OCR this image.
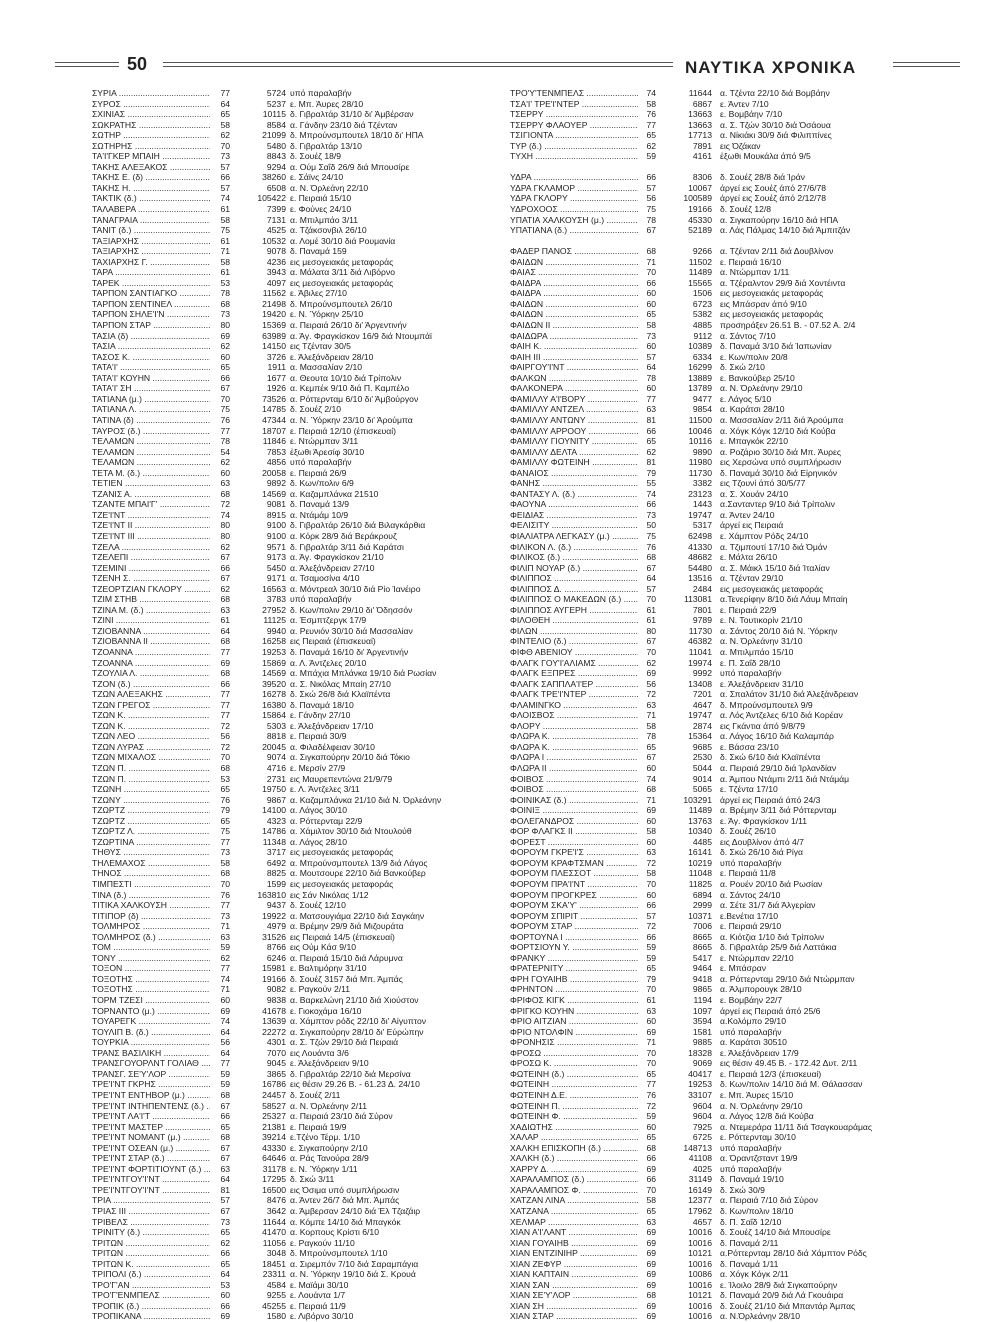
50	ΝΑΥΤΙΚΑ ΧΡΟΝΙΚΑ
ΣΥΡΙΑ .....	77	5724 υπό παραλαβήν
ΣΥΡΟΣ .....	64	5237 ε. Μπ. Άυρες 28/10
ΣΧΙΝΙΑΣ .....	65	10115 δ. Γιβραλτάρ 31/10 δι' Άμβέρσαν
ΣΩΚΡΑΤΗΣ .....	58	8584 α. Γάνδην 23/10 διά Τζένταν
ΣΩΤΗΡ .....	62	21099 δ. Μπρούνσμπουτελ 18/10 δι' ΗΠΑ
ΣΩΤΗΡΗΣ .....	70	5480 δ. Γιβραλτάρ 13/10
ΤΑ'Ι'ΓΚΕΡ ΜΠΑΙΗ .....	73	8843 δ. Σουέζ 18/9
ΤΑΚΗΣ ΑΛΕΞΑΚΟΣ .....	57	9294 α. Ούμ Σαΐδ 26/9 διά Μπουσίρε
ΤΑΚΗΣ Ε. (δ) .....	66	38260 ε. Σάϊνς 24/10
ΤΑΚΗΣ Η. .....	57	6508 α. Ν. Όρλεάνη 22/10
ΤΑΚΤΙΚ (δ.) .....	74	105422 ε. Πειραιά 15/10
ΤΑΛΑΒΕΡΑ .....	61	7399 ε. Φούνες 24/10
ΤΑΝΑΓΡΑΙΑ .....	58	7131 α. Μπιλμπάο 3/11
ΤΑΝΙΤ (δ.) .....	75	4525 α. Τζάκσονβιλ 26/10
ΤΑΞΙΑΡΧΗΣ .....	61	10532 α. Λομέ 30/10 διά Ρουμανία
ΤΑΞΙΑΡΧΗΣ .....	71	9078 δ. Παναμά 159
ΤΑΧΙΑΡΧΗΣ Γ. .....	58	4236 εις μεσογειακάς μεταφοράς
ΤΑΡΑ .....	61	3943 α. Μάλατα 3/11 διά Λιβόρνο
ΤΑΡΕΚ .....	53	4097 εις μεσογειακάς μεταφοράς
ΤΑΡΠΟΝ ΣΑΝΤΙΑΓΚΟ .....	78	11562 ε. Άβιλες 27/10
ΤΑΡΠΟΝ ΣΕΝΤΙΝΕΛ .....	68	21498 δ. Μπρούνσμπουτελ 26/10
ΤΑΡΠΟΝ ΣΗΛΕ'Ι'Ν .....	73	19420 ε. Ν. Ύόρκην 25/10
ΤΑΡΠΟΝ ΣΤΑΡ .....	80	15369 α. Πειραιά 26/10 δι' Άργεντινήν
ΤΑΣΙΑ (δ) .....	69	63989 α. Άγ. Φραγκίσκον 16/9 διά Ντουμπάϊ
ΤΑΣΙΑ .....	62	14150 εις Τζένταν 30/5
ΤΑΣΟΣ Κ. .....	60	3726 ε. Άλεξάνδρειαν 28/10
ΤΑΤΑ'Ι' .....	65	1911 α. Μασσαλίαν 2/10
ΤΑΤΑ'Ι' ΚΟΥΗΝ .....	66	1677 α. Θεουτα 10/10 διά Τρίπολιν
ΤΑΤΑ'Ι' ΣΗ .....	67	1926 α. Κεμπέκ 9/10 διά Π. Καμπέλο
ΤΑΤΙΑΝΑ (μ.) .....	70	73526 α. Ρόττερνταμ 6/10 δι' Άμβούργον
ΤΑΤΙΑΝΑ Λ. .....	75	14785 δ. Σουέζ 2/10
ΤΑΤΙΝΑ (δ) .....	76	47344 α. Ν. Ύόρκην 23/10 δι' Άρούμπα
ΤΑΥΡΟΣ (δ.) .....	77	18707 ε. Πειραιά 12/10 (έπισκευαί)
ΤΕΛΑΜΩΝ .....	78	11846 ε. Ντώρμπαν 3/11
ΤΕΛΑΜΩΝ .....	54	7853 ἐξωθι Άρεσίφ 30/10
ΤΕΛΑΜΩΝ .....	62	4856 υπό παραλαβήν
ΤΕΤΑ Μ. (δ.) .....	60	20058 ε. Πειραιά 26/9
ΤΕΤΙΕΝ .....	63	9892 δ. Κων/πολιν 6/9
ΤΖΑΝΙΣ Α. .....	68	14569 α. Καζαμπλάνκα 21510
ΤΖΑΝΤΕ ΜΠΑΙ'Γ' .....	72	9081 δ. Παναμά 13/9
ΤΖΕ'Ι'ΝΤ .....	74	8915 α. Ντάμάμ 10/9
ΤΖΕ'Ι'ΝΤ ΙΙ .....	80	9100 δ. Γιβραλτάρ 26/10 διά Βιλαγκάρθια
ΤΖΕ'Ι'ΝΤ ΙΙΙ .....	80	9100 α. Κόρκ 28/9 διά Βεράκρουζ
ΤΖΕΛΑ .....	62	9571 δ. Γιβραλτάρ 3/11 διά Καράτσι
ΤΖΕΛΕΠΙ .....	67	9173 α. Άγ. Φραγκίσκον 21/10
ΤΖΕΜΙΝΙ .....	66	5450 α. Άλεξάνδρειαν 27/10
ΤΖΕΝΗ Σ. .....	67	9171 α. Τσαμοσίνα 4/10
ΤΖΕΟΡΤΖΙΑΝ ΓΚΛΟΡΥ .....	62	16563 α. Μόντρεαλ 30/10 διά Ρίο Ίανέιρο
ΤΖΙΜ ΣΤΗΒ .....	68	3783 υπό παραλαβήν
ΤΖΙΝΑ Μ. (δ.) .....	63	27952 δ. Κων/πολιν 29/10 δι' Όδησσόν
ΤΖΙΝΙ .....	61	11125 α. Έσμπτζεργκ 17/9
ΤΖΙΟΒΑΝΝΑ .....	64	9940 α. Ρευνιόν 30/10 διά Μασσαλίαν
ΤΖΙΟΒΑΝΝΑ ΙΙ .....	68	16258 εις Πειραιά (έπισκευαί)
ΤΖΟΑΝΝΑ .....	77	19253 δ. Παναμά 16/10 δι' Άργεντινήν
ΤΖΟΑΝΝΑ .....	69	15869 α. Λ. Άντζελες 20/10
ΤΖΟΥΛΙΑ Λ. .....	68	14569 α. Μπάχια Μπλάνκα 19/10 διά Ρωσίαν
ΤΖΟΝ (δ.) .....	66	39520 α. Σ. Νικόλας Μπαίη 27/10
ΤΖΩΝ ΑΛΕΞΑΚΗΣ .....	77	16278 δ. Σκώ 26/8 διά Κλαϊπέντα
ΤΖΩΝ ΓΡΕΓΟΣ .....	77	16380 δ. Παναμά 18/10
ΤΖΩΝ Κ. .....	77	15864 ε. Γάνδην 27/10
ΤΖΩΝ Κ. .....	72	5303 ε. Άλεξάνδρειαν 17/10
ΤΖΩΝ ΛΕΟ .....	56	8818 ε. Πειραιά 30/9
ΤΖΩΝ ΛΥΡΑΣ .....	72	20045 α. Φιλαδέλφειαν 30/10
ΤΖΩΝ ΜΙΧΑΛΟΣ .....	70	9074 α. Σιγκαπούρην 20/10 διά Τόκιο
ΤΖΩΝ Π. .....	68	4716 ε. Μερσίν 27/9
ΤΖΩΝ Π. .....	53	2731 εις Μαυρεπεντώνα 21/9/79
ΤΖΩΝΗ .....	65	19750 ε. Λ. Άντζελες 3/11
ΤΖΩΝΥ .....	76	9867 α. Καζαμπλάνκα 21/10 διά Ν. Όρλεάνην
ΤΖΩΡΤΖ .....	79	14100 α. Λάγος 30/10
ΤΖΩΡΤΖ .....	65	4323 α. Ρόττερνταμ 22/9
ΤΖΩΡΤΖ Λ. .....	75	14786 α. Χάμιλτον 30/10 διά Ντουλούθ
ΤΖΩΡΤΙΝΑ .....	77	11348 α. Λάγος 28/10
ΤΗΘΥΣ .....	73	3717 εις μεσογειακάς μεταφοράς
ΤΗΛΕΜΑΧΟΣ .....	58	6492 α. Μπρούνσμπουτελ 13/9 διά Λάγος
ΤΗΝΟΣ .....	68	8825 α. Μουτσουρε 22/10 διά Βανκούβερ
ΤΙΜΠΕΣΤΙ .....	70	1599 εις μεσογειακάς μεταφοράς
ΤΙΝΑ (δ.) .....	76	163810 εις Σάν Νικόλας 1/12
ΤΙΤΙΚΑ ΧΑΛΚΟΥΣΗ .....	77	9437 δ. Σουέζ 12/10
ΤΙΤΙΠΟΡ (δ) .....	73	19922 α. Ματσουγιάμα 22/10 διά Σαγκάην
ΤΟΛΜΗΡΟΣ .....	71	4979 α. Βρέμην 29/9 διά Μιζουράτα
ΤΟΛΜΗΡΟΣ (δ.) .....	63	31526 εις Πειραιά 14/5 (έπισκευαί)
ΤΟΜ .....	59	8766 εις Ούμ Κάσ 9/10
ΤΟΝΥ .....	62	6246 α. Πειραιά 15/10 διά Λάρυμνα
ΤΟΞΟΝ .....	77	15981 ε. Βαλτιμόρην 31/10
ΤΟΞΟΤΗΣ .....	74	19166 δ. Σουέζ 3157 διά Μπ. Άμπάς
ΤΟΞΟΤΗΣ .....	71	9082 ε. Ραγκούν 2/11
ΤΟΡΜ ΤΖΕΣΙ .....	60	9838 α. Βαρκελώνη 21/10 διά Χιούστον
ΤΟΡΝΑΝΤΟ (μ.) .....	69	41678 ε. Γιοκοχάμα 16/10
ΤΟΥΑΡΕΓΚ .....	74	13639 α. Χάμπτον ρόδς 22/10 δι' Αίγυπτον
ΤΟΥΛΙΠ Β. (δ.) .....	64	22272 α. Σιγκαπούρην 28/10 δι' Εύρώπην
ΤΟΥΡΚΙΑ .....	56	4301 α. Σ. Τζών 29/10 διά Πειραιά
ΤΡΑΝΣ ΒΑΣΙΛΙΚΗ .....	64	7070 εις Λουάντα 3/6
ΤΡΑΝΣΓΟΥΟΡΛΝΤ ΓΟΛΙΑΘ .....	77	9045 ε. Άλεξάνδρειαν 9/10
ΤΡΑΝΣΓ. ΣΕ'Υ'ΛΟΡ .....	59	3865 δ. Γιβραλτάρ 22/10 διά Μερσίνα
ΤΡΕ'Ι'ΝΤ ΓΚΡΗΣ .....	59	16786 εις θέσιν 29.26 Β. - 61.23 Δ. 24/10
ΤΡΕ'Ι'ΝΤ ΕΝΤΗΒΟΡ (μ.) .....	68	24457 δ. Σουέζ 2/11
ΤΡΕ'Ι'ΝΤ ΙΝΤΗΠΕΝΤΕΝΣ (δ.) .....	67	58527 α. Ν. Όρλεάνην 2/11
ΤΡΕ'Ι'ΝΤ ΛΑ'Ι'Τ .....	66	25327 α. Πειραιά 23/10 διά Σύρον
ΤΡΕ'Ι'ΝΤ ΜΑΣΤΕΡ .....	65	21381 ε. Πειραιά 19/9
ΤΡΕ'Ι'ΝΤ ΝΟΜΑΝΤ (μ.) .....	68	39214 ε.Τζένο Τέρμ. 1/10
ΤΡΕ'Ι'ΝΤ ΟΣΕΑΝ (μ.) .....	67	43330 ε. Σιγκαπούρην 2/10
ΤΡΕ'Ι'ΝΤ ΣΤΑΡ (δ.) .....	67	64646 α. Ράς Τανούρα 28/9
ΤΡΕ'Ι'ΝΤ ΦΟΡΤΙΤΙΟΥΝΤ (δ.) .....	63	31178 ε. Ν. Ύόρκην 1/11
ΤΡΕ'Ι'ΝΤΓΟΥ'Ι'ΝΤ .....	64	17295 δ. Σκώ 3/11
ΤΡΕ'Ι'ΝΤΓΟΥ'Ι'ΝΤ .....	81	16500 εις Όσιμα υπό συμπλήρωσιν
ΤΡΙΑ .....	57	8476 α. Άντεν 26/7 διά Μπ. Άμπάς
ΤΡΙΑΣ ΙΙΙ .....	67	3642 α. Άμβερσαν 24/10 διά Έλ Τζαζάιρ
ΤΡΙΒΕΛΣ .....	73	11644 α. Κόμπε 14/10 διά Μπαγκόκ
ΤΡΙΝΙΤΥ (δ.) .....	65	41470 α. Κορπους Κρίστι 6/10
ΤΡΙΤΩΝ .....	62	11056 ε. Ραγκούν 11/10
ΤΡΙΤΩΝ .....	66	3048 δ. Μπρούνσμπουτελ 1/10
ΤΡΙΤΩΝ Κ. .....	65	18451 α. Σιρεμπόν 7/10 διά Σαραμπάγια
ΤΡΙΠΟΛΙ (δ.) .....	64	23311 α. Ν. Ύόρκην 19/10 διά Σ. Κρουά
ΤΡΟ'Γ'ΑΝ .....	53	4584 ε. Μαϊάμι 30/10
ΤΡΟ'Γ'ΕΝΜΠΕΛΣ .....	60	9255 ε. Λουάντα 1/7
ΤΡΟΠΙΚ (δ.) .....	66	45255 ε. Πειραιά 11/9
ΤΡΟΠΙΚΑΝΑ .....	69	1580 ε. Λιβόρνο 30/10
ΤΡΟ'Υ'ΤΕΝΜΠΕΛΣ .....	74	11644 α. Τζέντα 22/10 διά Βομβάην
ΤΣΑ'Ι' ΤΡΕ'Ι'ΝΤΕΡ .....	58	6867 ε. Άντεν 7/10
ΤΣΕΡΡΥ .....	76	13663 ε. Βομβάην 7/10
ΤΣΕΡΡΥ ΦΛΑΟΥΕΡ .....	77	13663 α. Σ. Τζών 30/10 διά Όσάουα
ΤΣΙΓΙΟΝΤΑ .....	65	17713 α. Νίκιάκι 30/9 διά Φιλιππίνες
ΤΥΡ (δ.) .....	62	7891 εις Όζάκαν
ΤΥΧΗ .....	59	4161 ἐξωθι Μουκάλα άπό 9/5
ΥΔΡΑ .....	66	8306 δ. Σουέζ 28/8 διά Ίράν
ΥΔΡΑ ΓΚΛΑΜΟΡ .....	57	10067 άργεί εις Σουέζ άπό 27/6/78
ΥΔΡΑ ΓΚΛΟΡΥ .....	56	100589 άργεί εις Σουέζ άπό 2/12/78
ΥΔΡΟΧΟΟΣ .....	75	19166 δ. Σουέζ 12/8
ΥΠΑΤΙΑ ΧΑΛΚΟΥΣΗ (μ.) .....	78	45330 α. Σιγκαπούρην 16/10 διά ΗΠΑ
ΥΠΑΤΙΑΝΑ (δ.) .....	67	52189 α. Λάς Πάλμας 14/10 διά Άμπιτζάν
ΦΑΔΕΡ ΠΑΝΟΣ .....	68	9266 α. Τζένταν 2/11 διά Δουβλίνον
ΦΑΙΔΩΝ .....	71	11502 ε. Πειραιά 16/10
ΦΑΙΑΣ .....	70	11489 α. Ντώρμπαν 1/11
ΦΑΙΔΡΑ .....	66	15565 α. Τζέραλντον 29/9 διά Χοντέιντα
ΦΑΙΔΡΑ .....	60	1506 εις μεσογειακάς μεταφοράς
ΦΑΙΔΩΝ .....	60	6723 εις Μπάσραν άπό 9/10
ΦΑΙΔΩΝ .....	65	5382 εις μεσογειακάς μεταφοράς
ΦΑΙΔΩΝ ΙΙ .....	58	4885 προσηράξεν 26.51 Β. - 07.52 Α. 2/4
ΦΑΙΔΩΡΑ .....	73	9112 α. Σάντος 7/10
ΦΑΙΗ Κ. .....	60	10389 δ. Παναμά 3/10 διά Ίαπωνίαν
ΦΑΙΗ ΙΙΙ .....	57	6334 ε. Κων/πολιν 20/8
ΦΑΙΡΓΟΥ'Ι'ΝΤ .....	64	16299 δ. Σκώ 2/10
ΦΑΛΚΩΝ .....	78	13889 ε. Βανκούβερ 25/10
ΦΑΛΚΟΝΕΡΑ .....	60	13789 α. Ν. Όρλεάνην 29/10
ΦΑΜΙΛΛΥ Α'Ι'ΒΟΡΥ .....	77	9477 ε. Λάγος 5/10
ΦΑΜΙΛΛΥ ΑΝΤΖΕΛ .....	63	9854 α. Καράτσι 28/10
ΦΑΜΙΛΛΥ ΑΝΤΩΝΥ .....	81	11500 α. Μασσαλίαν 2/11 διά Άρούμπα
ΦΑΜΙΛΛΥ ΑΡΡΟΟΥ .....	66	10046 α. Χόγκ Κόγκ 12/10 διά Κούβα
ΦΑΜΙΛΛΥ ΓΙΟΥΝΙΤΥ .....	65	10116 ε. Μπαγκόκ 22/10
ΦΑΜΙΛΛΥ ΔΕΛΤΑ .....	62	9890 α. Ροζάριο 30/10 διά Μπ. Άυρες
ΦΑΜΙΛΛΥ ΦΩΤΕΙΝΗ .....	81	11980 εις Χερσώνα υπό συμπλήρωσιν
ΦΑΝΑΙΟΣ .....	79	11730 δ. Παναμά 30/10 διά Είρηνικόν
ΦΑΝΗΣ .....	55	3382 εις Τζουνί άπό 30/5/77
ΦΑΝΤΑΣΥ Λ. (δ.) .....	74	23123 α. Σ. Χουάν 24/10
ΦΑΟΥΝΑ .....	66	1443 α.Σανταντερ 9/10 διά Τρίπολιν
ΦΕΙΔΙΑΣ .....	73	19747 α. Άντεν 24/10
ΦΕΛΙΣΙΤΥ .....	50	5317 άργεί εις Πειραιά
ΦΙΑΛΙΑΤΡΑ ΛΕΓΚΑΣΥ (μ.) .....	75	62498 ε. Χάμπτον Ρόδς 24/10
ΦΙΛΙΚΟΝ Λ. (δ.) .....	76	41330 α. Τζιμπουτί 17/10 διά Όμάν
ΦΙΛΙΚΟΣ (δ.) .....	68	48682 ε. Μάλτα 26/10
ΦΙΛΙΠ ΝΟΥΑΡ (δ.) .....	67	54480 α. Σ. Μάικλ 15/10 διά Ίταλίαν
ΦΙΛΙΠΠΟΣ .....	64	13516 α. Τζένταν 29/10
ΦΙΛΙΠΠΟΣ Δ. .....	57	2484 εις μεσογειακάς μεταφοράς
ΦΙΛΙΠΠΟΣ Ο ΜΑΚΕΔΩΝ (δ.) .....	70	113081 α.Τενερίφην 8/10 διά Λάυμ Μπαίη
ΦΙΛΙΠΠΟΣ ΑΥΓΕΡΗ .....	61	7801 ε. Πειραιά 22/9
ΦΙΛΟΘΕΗ .....	61	9789 ε. Ν. Τουτικορίν 21/10
ΦΙΛΩΝ .....	80	11730 α. Σάντος 20/10 διά Ν. Ύόρκην
ΦΙΝΤΕΛΙΟ (δ.) .....	67	46382 α. Ν. Όρλεάνην 31/10
ΦΙΦΘ ΑΒΕΝΙΟΥ .....	70	11041 α. Μπιλμπάο 15/10
ΦΛΑΓΚ ΓΟΥ'Ι'ΑΛΙΑΜΣ .....	62	19974 ε. Π. Σαΐδ 28/10
ΦΛΑΓΚ ΕΞΠΡΕΣ .....	69	9992 υπό παραλαβήν
ΦΛΑΓΚ ΣΑΠΠΛΑ'Ι'ΕΡ .....	56	13408 ε. Άλεξάνδρειαν 31/10
ΦΛΑΓΚ ΤΡΕ'Ι'ΝΤΕΡ .....	72	7201 α. Σπαλάτον 31/10 διά Άλεξάνδρειαν
ΦΛΑΜΙΝΓΚΟ .....	63	4647 δ. Μπρούνσμπουτελ 9/9
ΦΛΟΙΣΒΟΣ .....	71	19747 α. Λός Άντζελες 6/10 διά Κορέαν
ΦΛΟΡΥ .....	58	2874 εις Γκάντια άπό 9/8/79
ΦΛΩΡΑ Κ. .....	78	15364 α. Λάγος 16/10 διά Καλαμπάρ
ΦΛΩΡΑ Κ. .....	65	9685 ε. Βάσσα 23/10
ΦΛΩΡΑ Ι .....	67	2530 δ. Σκώ 6/10 διά Κλαϊπέντα
ΦΛΩΡΑ ΙΙ .....	60	5044 α. Πειραιά 29/10 διά Ίρλανδίαν
ΦΟΙΒΟΣ .....	74	9014 α. Άμπου Ντάμπι 2/11 διά Ντάμάμ
ΦΟΙΒΟΣ .....	68	5065 ε. Τζέντα 17/10
ΦΟΙΝΙΚΑΣ (δ.) .....	71	103291 άργεί εις Πειραιά άπό 24/3
ΦΟΙΝΙΞ .....	69	11489 α. Βρέμην 3/11 διά Ρόττερνταμ
ΦΟΛΕΓΑΝΔΡΟΣ .....	60	13763 ε. Άγ. Φραγκίσκον 1/11
ΦΟΡ ΦΛΑΓΚΣ ΙΙ .....	58	10340 δ. Σουέζ 26/10
ΦΟΡΕΣΤ .....	60	4485 εις Δουβλίνον άπό 4/7
ΦΟΡΟΥΜ ΓΚΡΕ'Ι'Σ .....	63	16141 δ. Σκώ 26/10 διά Ρίγα
ΦΟΡΟΥΜ ΚΡΑΦΤΣΜΑΝ .....	72	10219 υπό παραλαβήν
ΦΟΡΟΥΜ ΠΛΕΣΣΟΤ .....	58	11048 ε. Πειραιά 11/8
ΦΟΡΟΥΜ ΠΡΑ'Ι'ΝΤ .....	70	11825 α. Ρουέν 20/10 διά Ρωσίαν
ΦΟΡΟΥΜ ΠΡΟΓΚΡΕΣ .....	60	6894 α. Σάντος 24/10
ΦΟΡΟΥΜ ΣΚΑ'Υ' .....	66	2999 α. Σέτε 31/7 διά Άλγερίαν
ΦΟΡΟΥΜ ΣΠΙΡΙΤ .....	57	10371 ε.Βενέτια 17/10
ΦΟΡΟΥΜ ΣΤΑΡ .....	72	7006 ε. Πειραιά 29/10
ΦΟΡΤΟΥΝΑ Ι .....	66	8665 α. Κιότζια 1/10 διά Τρίπολιν
ΦΟΡΤΣΙΟΥΝ Υ. .....	59	8665 δ. Γιβραλτάρ 25/9 διά Λαττάκια
ΦΡΑΝΚΥ .....	59	5417 ε. Ντώρμπαν 22/10
ΦΡΑΤΕΡΝΙΤΥ .....	65	9464 ε. Μπάσραν
ΦΡΗ ΓΟΥΑΙΗΒ .....	79	9418 α. Ρόττερνταμ 29/10 διά Ντώρμπαν
ΦΡΗΝΤΟΝ .....	70	9865 α. Άλμπορουγκ 28/10
ΦΡΙΦΟΣ ΚΙΓΚ .....	61	1194 ε. Βομβάην 22/7
ΦΡΙΓΚΟ ΚΟΥΗΝ .....	63	1097 άργεί εις Πειραιά άπό 25/6
ΦΡΙΟ ΑΙΤΖΙΑΝ .....	60	3594 α.Κολόμπο 29/10
ΦΡΙΟ ΝΤΟΛΦΙΝ .....	69	1581 υπό παραλαβήν
ΦΡΟΝΗΣΙΣ .....	71	9885 α. Καράτσι 30510
ΦΡΟΣΩ .....	70	18328 ε. Άλεξάνδρειαν 17/9
ΦΡΟΣΩ Κ. .....	70	9069 εις θέσιν 49.45 Β. - 172.42 Δυτ. 2/11
ΦΩΤΕΙΝΗ (δ.) .....	65	40417 ε. Πειραιά 12/3 (έπισκευαί)
ΦΩΤΕΙΝΗ .....	77	19253 δ. Κων/πολιν 14/10 διά Μ. Θάλασσαν
ΦΩΤΕΙΝΗ Δ.Ε. .....	76	33107 ε. Μπ. Άυρες 15/10
ΦΩΤΕΙΝΗ Π. .....	72	9604 α. Ν. Όρλεάνην 29/10
ΦΩΤΕΙΝΗ Φ. .....	59	9604 α. Λάγος 12/8 διά Κούβα
ΧΑΔΙΩΤΗΣ .....	60	7925 α. Ντεμεράρα 11/11 διά Τσαγκουαράμας
ΧΑΛΑΡ .....	65	6725 ε. Ρόττερνταμ 30/10
ΧΑΛΚΗ ΕΠΙΣΚΟΠΗ (δ.) .....	68	148713 υπό παραλαβήν
ΧΑΛΚΗ (δ.) .....	66	41108 α. Όραντζσταντ 19/9
ΧΑΡΡΥ Δ. .....	69	4025 υπό παραλαβήν
ΧΑΡΑΛΑΜΠΟΣ (δ.) .....	66	31149 δ. Παναμά 19/10
ΧΑΡΑΛΑΜΠΟΣ Φ. .....	70	16149 δ. Σκώ 30/9
ΧΑΤΖΑΝ ΛΙΝΑ .....	58	12377 α. Πειραιά 7/10 διά Σύρον
ΧΑΤΖΑΝΑ .....	65	17962 δ. Κων/πολιν 18/10
ΧΕΛΜΑΡ .....	63	4657 δ. Π. Σαΐδ 12/10
ΧΙΑΝ Α'Ι'ΛΑΝΤ .....	69	10016 δ. Σουέζ 14/10 διά Μπουσίρε
ΧΙΑΝ ΓΟΥΑΙΗΒ .....	69	10016 δ. Παναμά 2/11
ΧΙΑΝ ΕΝΤΖΙΝΙΗΡ .....	69	10121 α.Ρόττερνταμ 28/10 διά Χάμπτον Ρόδς
ΧΙΑΝ ΖΕΦΥΡ .....	69	10016 δ. Παναμά 1/11
ΧΙΑΝ ΚΑΠΤΑΙΝ .....	69	10086 α. Χόγκ Κόγκ 2/11
ΧΙΑΝ ΣΑΝ .....	69	10016 ε. Ίλοιλο 28/9 διά Σιγκαπούρην
ΧΙΑΝ ΣΕ'Υ'ΛΟΡ .....	68	10121 δ. Παναμά 20/9 διά Λά Γκουάιρα
ΧΙΑΝ ΣΗ .....	69	10016 δ. Σουέζ 21/10 διά Μπαντάρ Άμπας
ΧΙΑΝ ΣΤΑΡ .....	69	10016 α. Ν.Όρλεάνην 28/10
